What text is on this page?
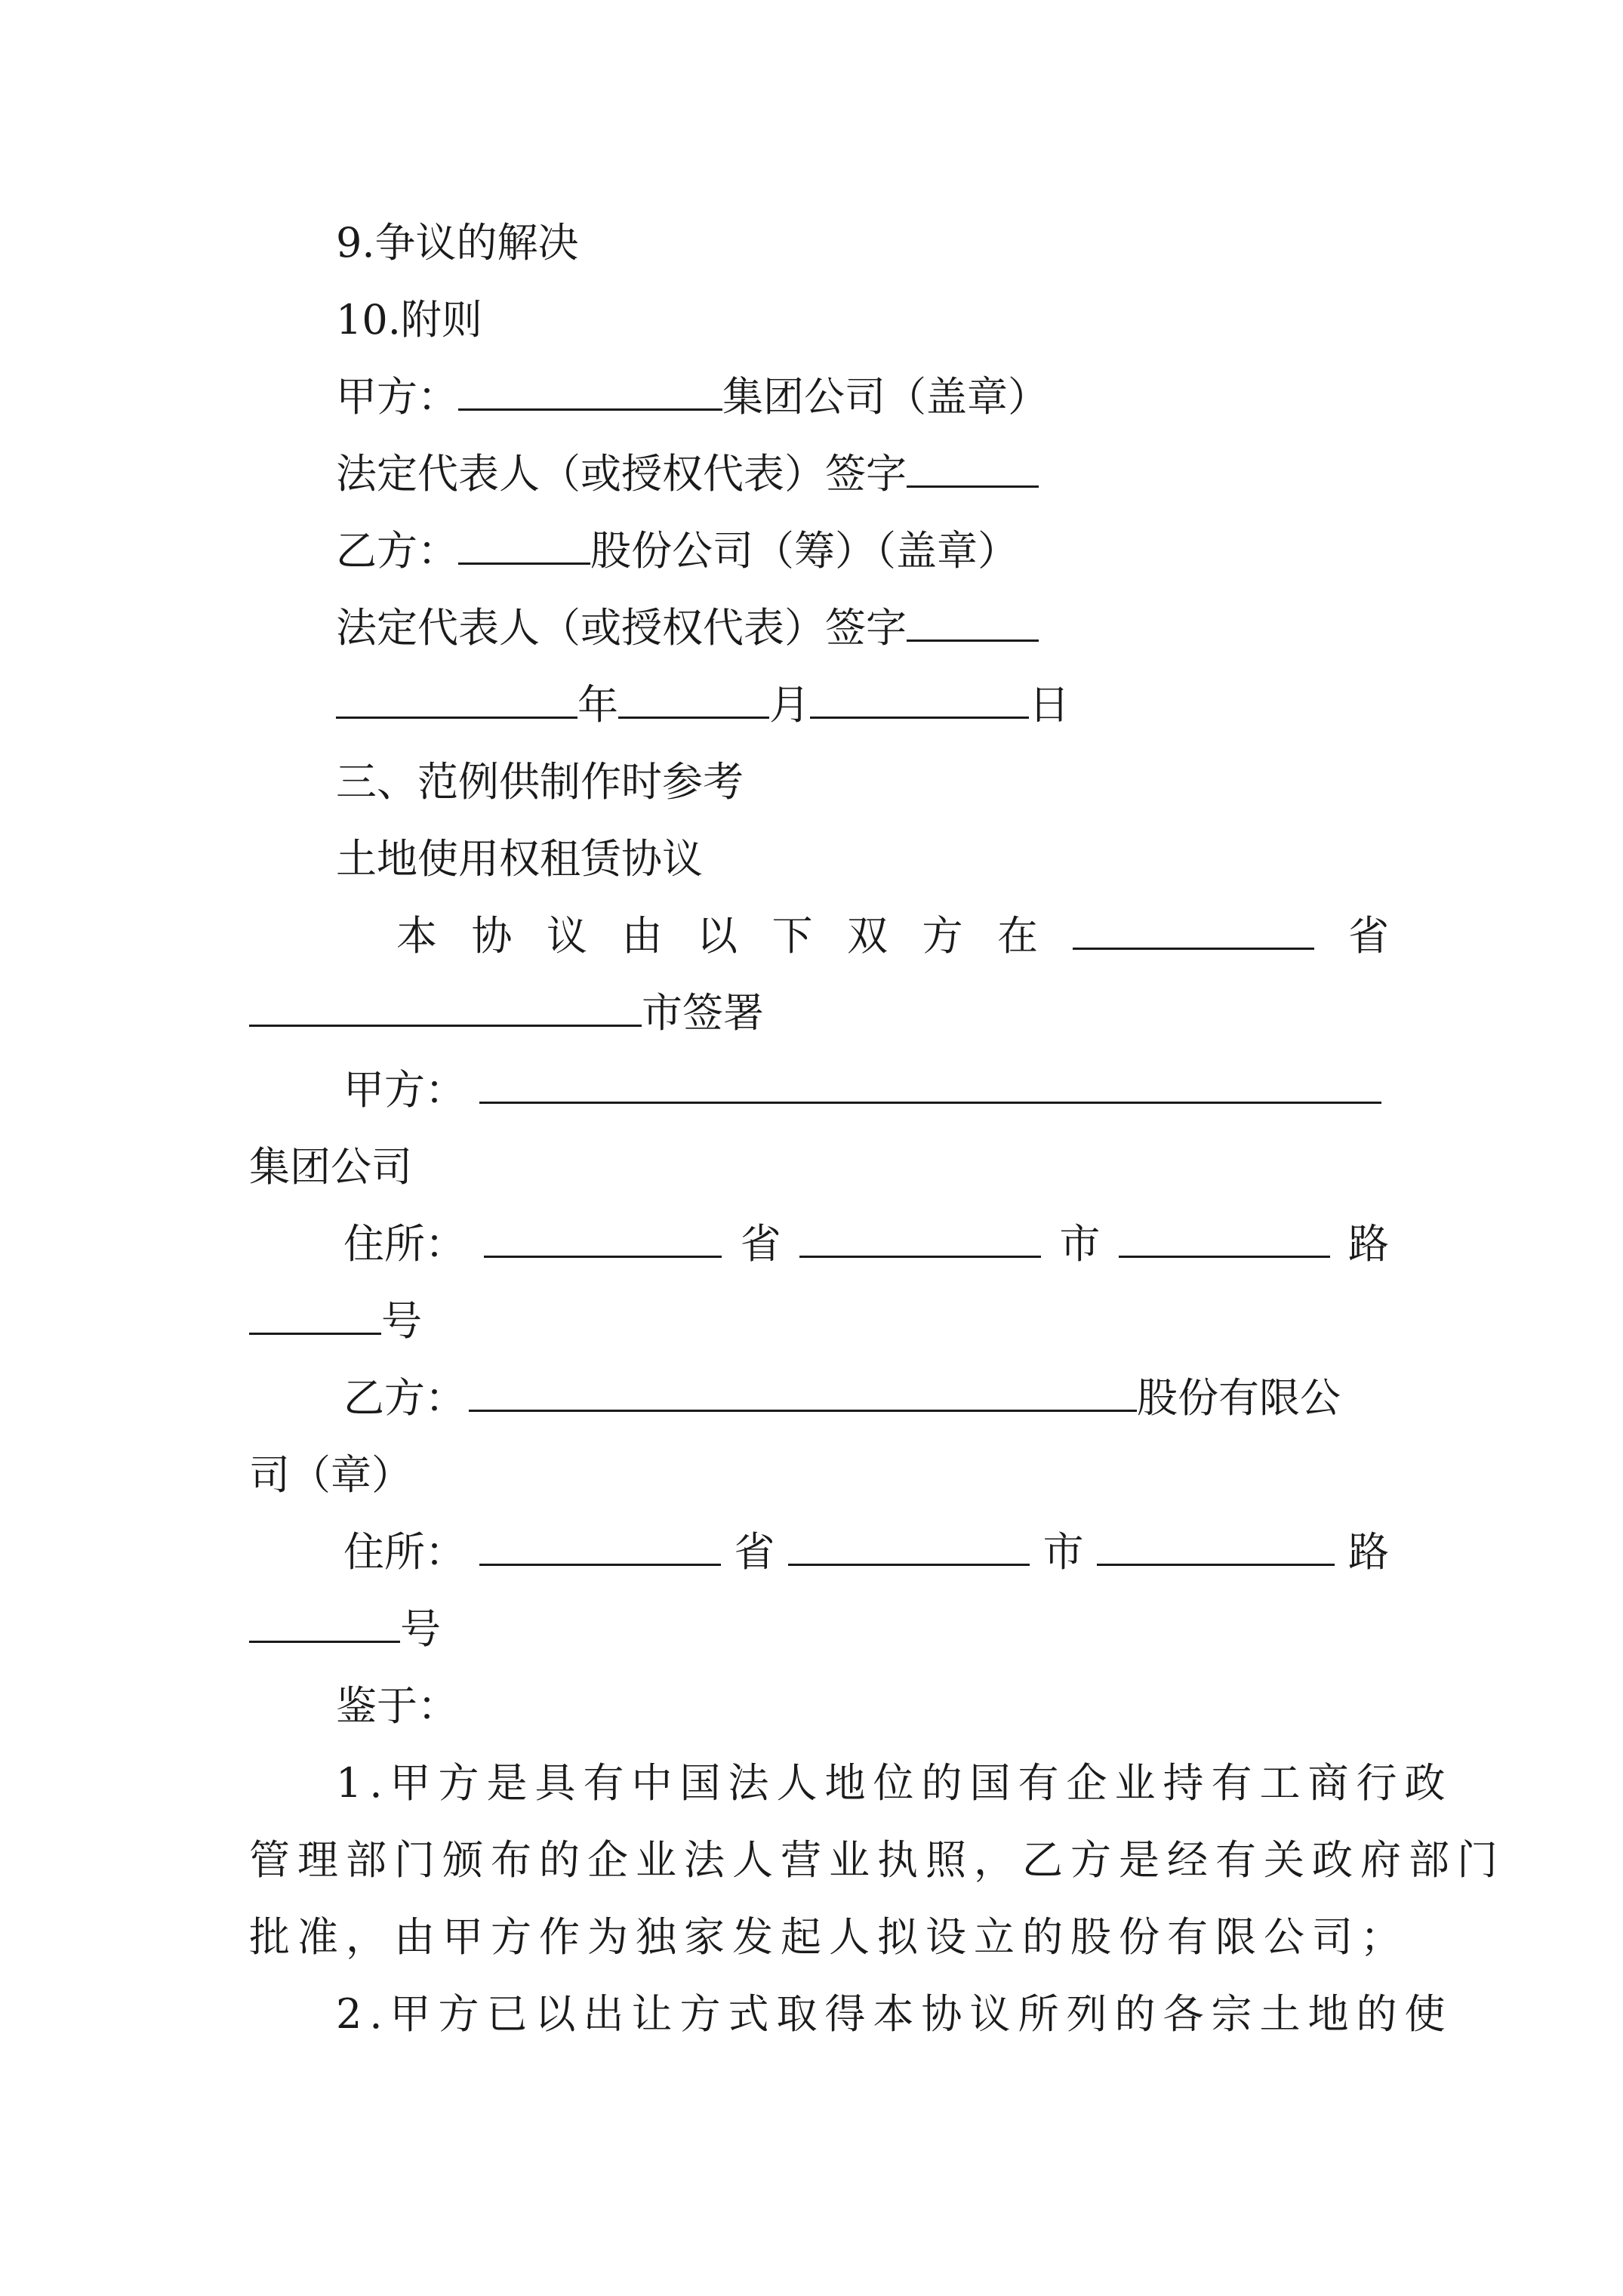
9.争议的解决
10.附则
甲方：	集团公司（盖章）
法定代表人（或授权代表）签字
乙方：	股份公司（筹）（盖章）
法定代表人（或授权代表）签字
年	月	日
三、范例供制作时参考
土地使用权租赁协议
本 协 议 由 以 下 双 方 在	省
市签署
甲方：
集团公司
住所：	省	市	路
号
乙方：	股份有限公
司（章）
住所：	省	市	路
号
鉴于：
1.甲方是具有中国法人地位的国有企业持有工商行政
管理部门颁布的企业法人营业执照，乙方是经有关政府部门
批准，由甲方作为独家发起人拟设立的股份有限公司；
2.甲方已以出让方式取得本协议所列的各宗土地的使
